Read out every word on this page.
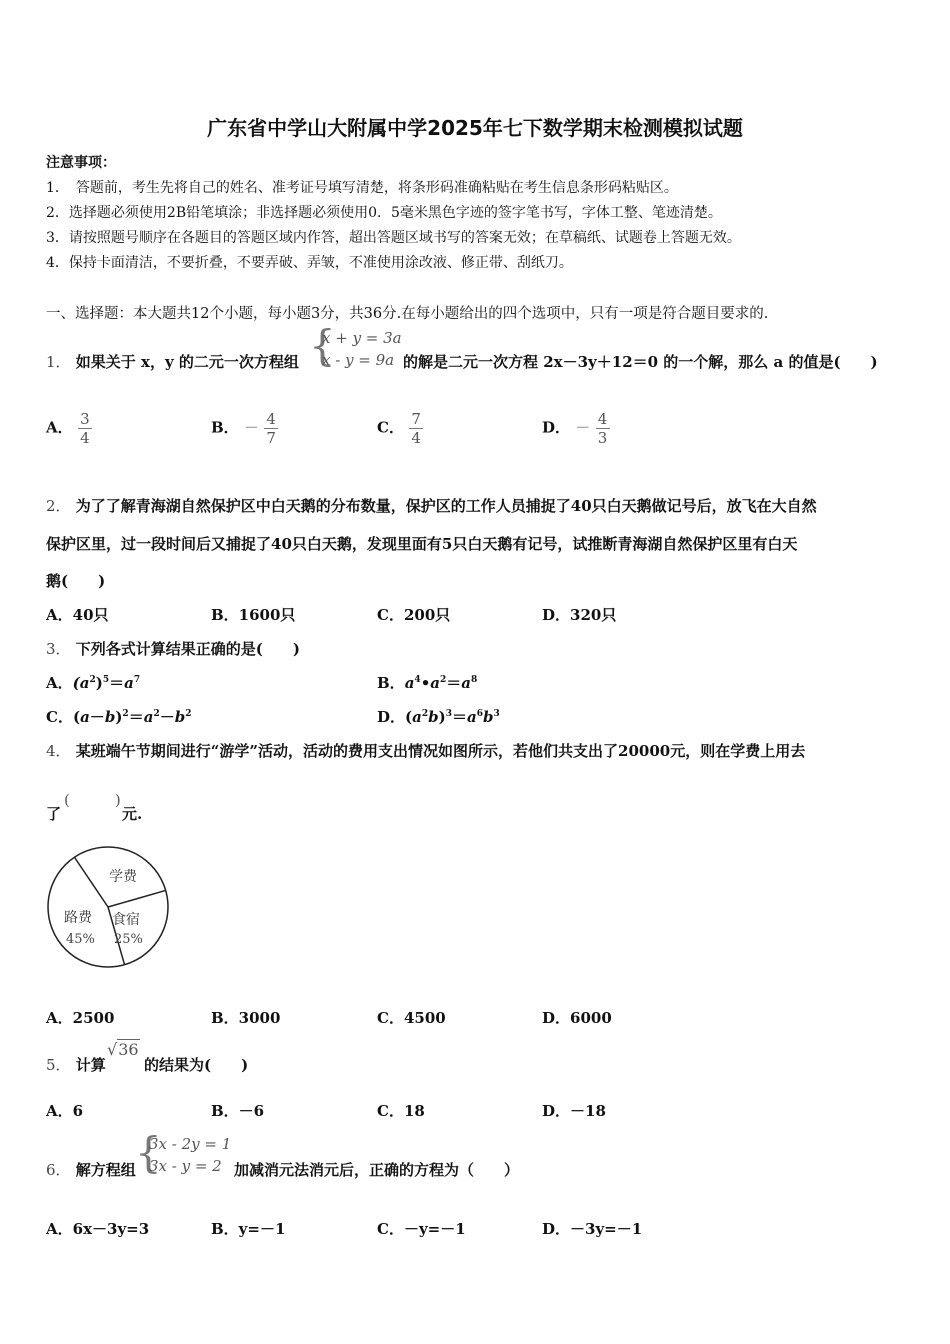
广东省中学山大附属中学2025年七下数学期末检测模拟试题
注意事项：
1．　答题前，考生先将自己的姓名、准考证号填写清楚，将条形码准确粘贴在考生信息条形码粘贴区。
2．选择题必须使用2B铅笔填涂；非选择题必须使用0．5毫米黑色字迹的签字笔书写，字体工整、笔迹清楚。
3．请按照题号顺序在各题目的答题区域内作答，超出答题区域书写的答案无效；在草稿纸、试题卷上答题无效。
4．保持卡面清洁，不要折叠，不要弄破、弄皱，不准使用涂改液、修正带、刮纸刀。
一、选择题：本大题共12个小题，每小题3分，共36分.在每小题给出的四个选项中，只有一项是符合题目要求的.
1． 如果关于 x，y 的二元一次方程组 {
x + y = 3a
x - y = 9a 的解是二元一次方程 2x－3y＋12＝0 的一个解，那么 a 的值是(　　)
A． $\frac{3}{4}$	B． － $\frac{4}{7}$	C． $\frac{7}{4}$	D． － $\frac{4}{3}$
2． 为了了解青海湖自然保护区中白天鹅的分布数量，保护区的工作人员捕捉了40只白天鹅做记号后，放飞在大自然
保护区里，过一段时间后又捕捉了40只白天鹅，发现里面有5只白天鹅有记号，试推断青海湖自然保护区里有白天
鹅(　　)
A．40只	B．1600只	C．200只	D．320只
3． 下列各式计算结果正确的是(　　)
A．$(a^2)^5=a^7$	B．$a^4•a^2=a^8$
C．$(a-b)^2=a^2-b^2$	D．$(a^2b)^3=a^6b^3$
4． 某班端午节期间进行“游学”活动，活动的费用支出情况如图所示，若他们共支出了20000元，则在学费上用去
了
(　　　)
元.
学费
食宿
25%
路费
45%
A．2500	B．3000	C．4500	D．6000
5． 计算
√36
的结果为(　　)
A．6	B．－6	C．18	D．－18
6． 解方程组 {
3x - 2y = 1
3x - y = 2 加减消元法消元后，正确的方程为（　　）
A．6x－3y=3	B．y=－1	C．－y=－1	D．－3y=－1
